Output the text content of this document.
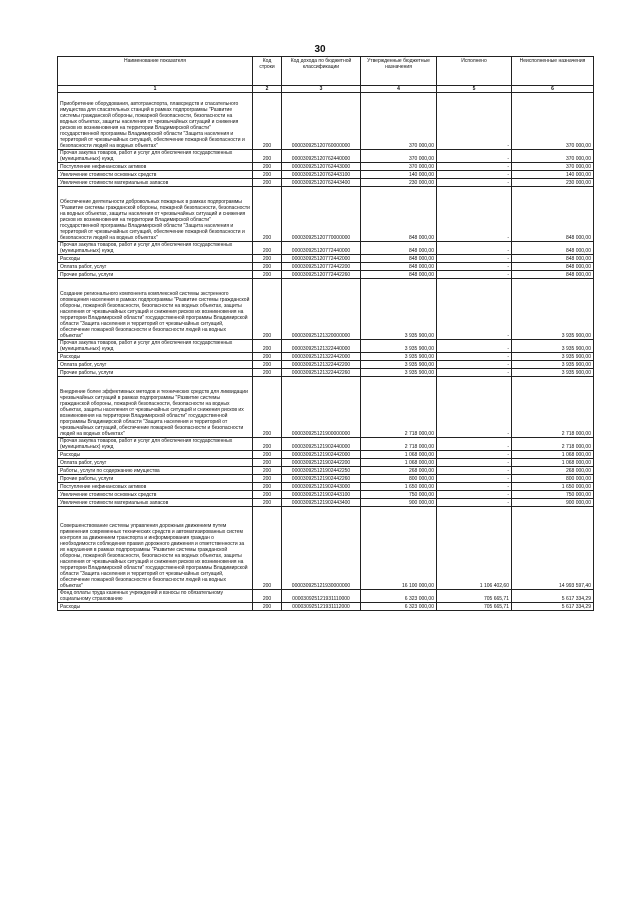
30
Наименование показателя	Код строки	Код дохода по бюджетной классификации	Утвержденные бюджетные назначения	Исполнено	Неисполненные назначения
1	2	3	4	5	6
Приобретение оборудования, автотранспорта, плавсредств и спасательного имущества для спасательных станций в рамках подпрограммы "Развитие системы гражданской обороны, пожарной безопасности, безопасности на водных объектах, защиты населения от чрезвычайных ситуаций и снижения рисков их возникновения на территории Владимирской области" государственной программы Владимирской области "Защита населения и территорий от чрезвычайных ситуаций, обеспечение пожарной безопасности и безопасности людей на водных объектах"	200	000030925120760000000	370 000,00	-	370 000,00
Прочая закупка товаров, работ и услуг для обеспечения государственных (муниципальных) нужд	200	000030925120762440000	370 000,00	-	370 000,00
Поступление нефинансовых активов	200	000030925120762443000	370 000,00	-	370 000,00
Увеличение стоимости основных средств	200	000030925120762443100	140 000,00	-	140 000,00
Увеличение стоимости материальных запасов	200	000030925120762443400	230 000,00	-	230 000,00
Обеспечение деятельности добровольных пожарных в рамках подпрограммы "Развитие системы гражданской обороны, пожарной безопасности, безопасности на водных объектах, защиты населения от чрезвычайных ситуаций и снижения рисков их возникновения на территории Владимирской области" государственной программы Владимирской области "Защита населения и территорий от чрезвычайных ситуаций, обеспечение пожарной безопасности и безопасности людей на водных объектах"	200	000030925120770000000	848 000,00	-	848 000,00
Прочая закупка товаров, работ и услуг для обеспечения государственных (муниципальных) нужд	200	000030925120772440000	848 000,00	-	848 000,00
Расходы	200	000030925120772442000	848 000,00	-	848 000,00
Оплата работ, услуг	200	000030925120772442200	848 000,00	-	848 000,00
Прочие работы, услуги	200	000030925120772442260	848 000,00	-	848 000,00
Создание регионального компонента комплексной системы экстренного оповещения населения в рамках подпрограммы "Развитие системы гражданской обороны, пожарной безопасности, безопасности на водных объектах, защиты населения от чрезвычайных ситуаций и снижения рисков их возникновения на территории Владимирской области" государственной программы Владимирской области "Защита населения и территорий от чрезвычайных ситуаций, обеспечение пожарной безопасности и безопасности людей на водных объектах"	200	000030925121320000000	3 935 900,00	-	3 935 900,00
Прочая закупка товаров, работ и услуг для обеспечения государственных (муниципальных) нужд	200	000030925121322440000	3 935 900,00	-	3 935 900,00
Расходы	200	000030925121322442000	3 935 900,00	-	3 935 900,00
Оплата работ, услуг	200	000030925121322442200	3 935 900,00	-	3 935 900,00
Прочие работы, услуги	200	000030925121322442260	3 935 900,00	-	3 935 900,00
Внедрение более эффективных методов и технических средств для ликвидации чрезвычайных ситуаций в рамках подпрограммы "Развитие системы гражданской обороны, пожарной безопасности, безопасности на водных объектах, защиты населения от чрезвычайных ситуаций и снижения рисков их возникновения на территории Владимирской области" государственной программы Владимирской области "Защита населения и территорий от чрезвычайных ситуаций, обеспечение пожарной безопасности и безопасности людей на водных объектах"	200	000030925121900000000	2 718 000,00	-	2 718 000,00
Прочая закупка товаров, работ и услуг для обеспечения государственных (муниципальных) нужд	200	000030925121902440000	2 718 000,00	-	2 718 000,00
Расходы	200	000030925121902442000	1 068 000,00	-	1 068 000,00
Оплата работ, услуг	200	000030925121902442200	1 068 000,00	-	1 068 000,00
Работы, услуги по содержанию имущества	200	000030925121902442250	268 000,00	-	268 000,00
Прочие работы, услуги	200	000030925121902442260	800 000,00	-	800 000,00
Поступление нефинансовых активов	200	000030925121902443000	1 650 000,00	-	1 650 000,00
Увеличение стоимости основных средств	200	000030925121902443100	750 000,00	-	750 000,00
Увеличение стоимости материальных запасов	200	000030925121902443400	900 000,00	-	900 000,00
Совершенствование системы управления дорожным движением путем применения современных технических средств и автоматизированных систем контроля за движением транспорта и информирования граждан о необходимости соблюдения правил дорожного движения и ответственности за их нарушения в рамках подпрограммы "Развитие системы гражданской обороны, пожарной безопасности, безопасности на водных объектах, защиты населения от чрезвычайных ситуаций и снижения рисков их возникновения на территории Владимирской области" государственной программы Владимирской области "Защита населения и территорий от чрезвычайных ситуаций, обеспечение пожарной безопасности и безопасности людей на водных объектах"	200	000030925121930000000	16 100 000,00	1 106 402,60	14 993 597,40
Фонд оплаты труда казенных учреждений и взносы по обязательному социальному страхованию	200	000030925121931110000	6 323 000,00	705 665,71	5 617 334,29
Расходы	200	000030925121931112000	6 323 000,00	705 665,71	5 617 334,29
